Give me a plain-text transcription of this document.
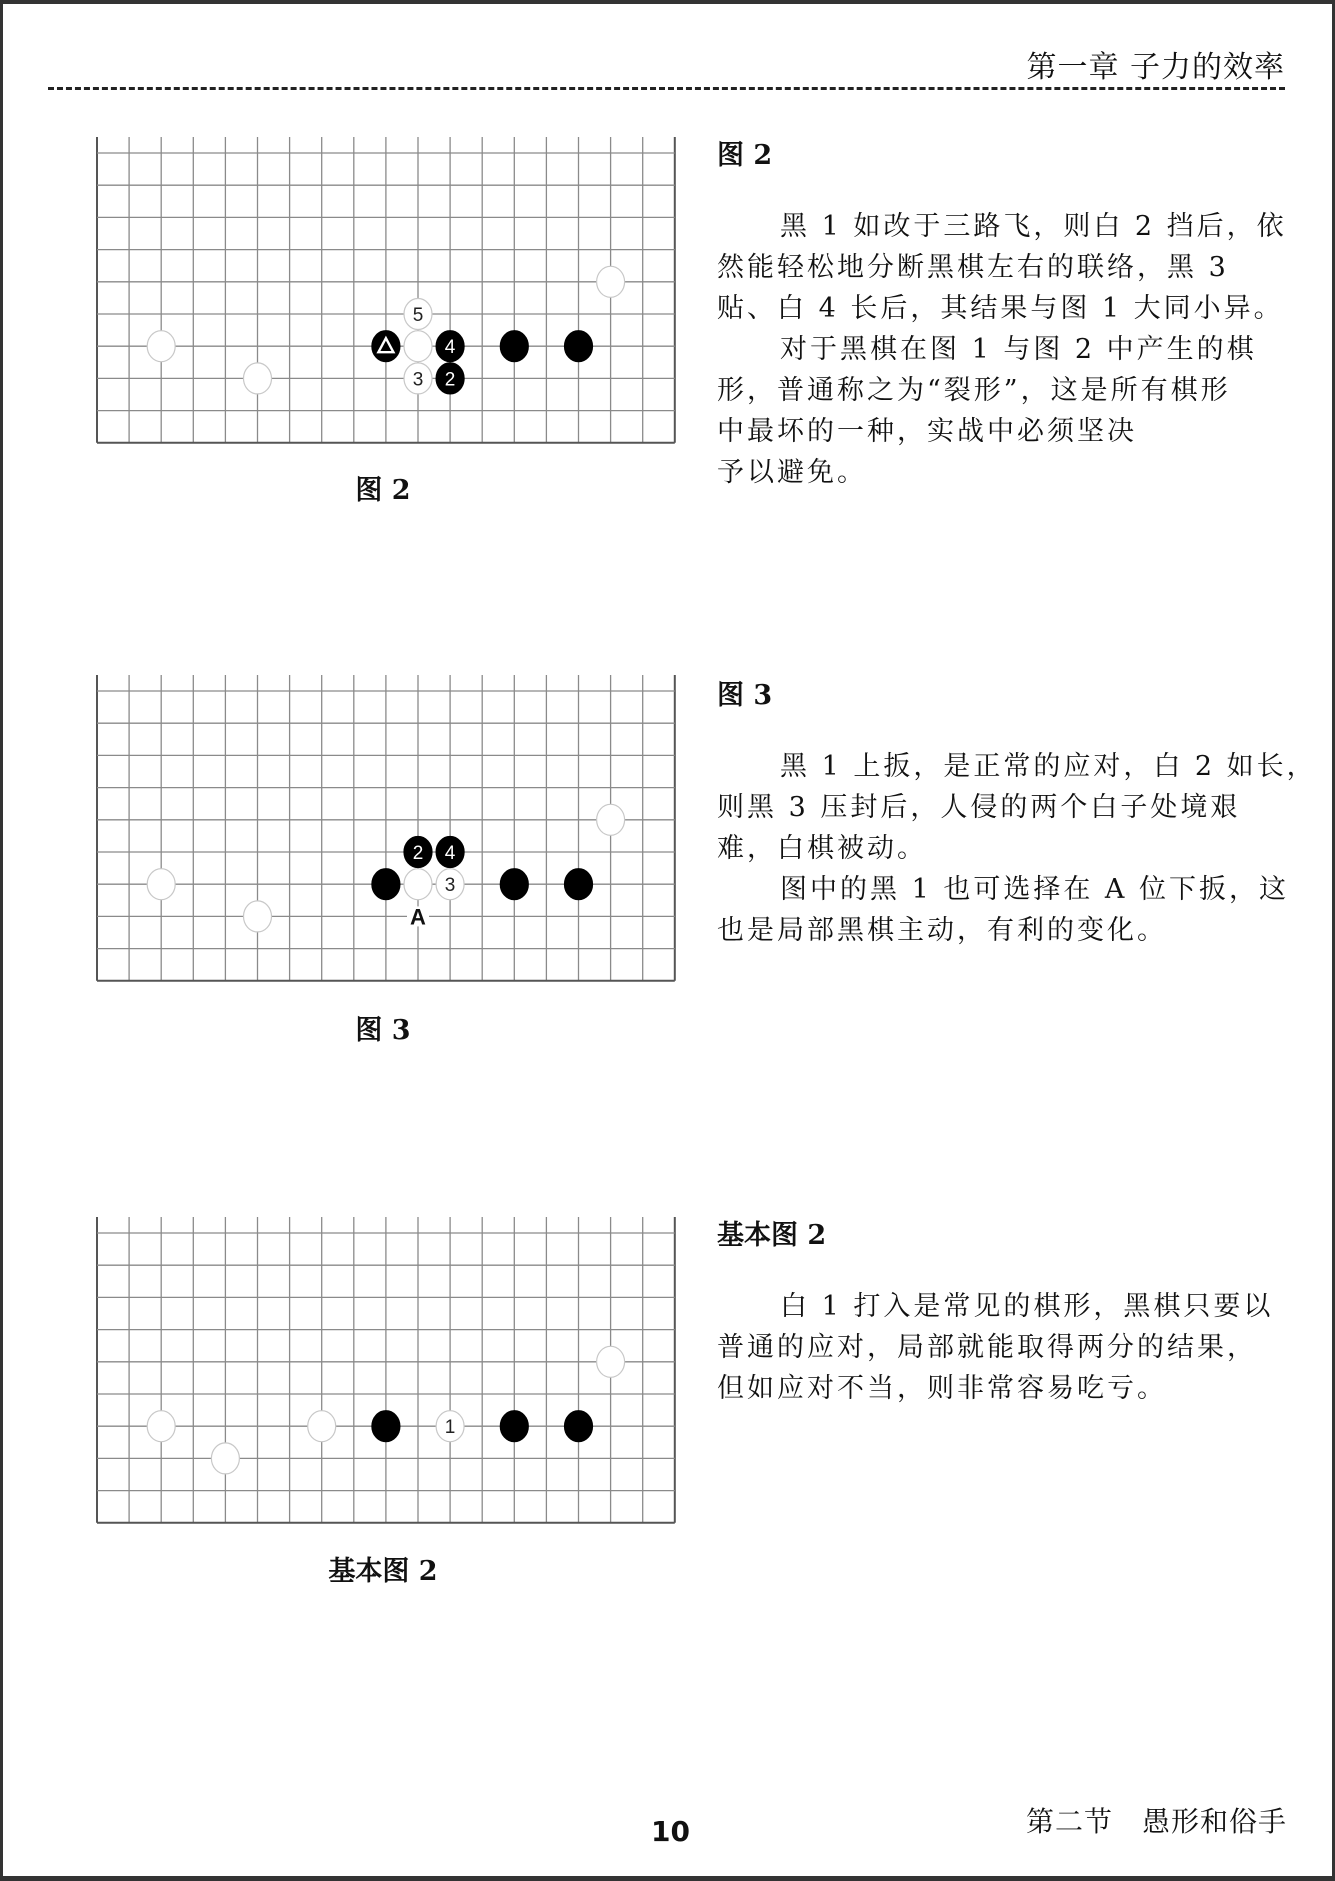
第一章 子力的效率
5
4
3 2
图 2
图 2
黑 1 如改于三路飞，则白 2 挡后，依
然能轻松地分断黑棋左右的联络，黑 3
贴、白 4 长后，其结果与图 1 大同小异。
对于黑棋在图 1 与图 2 中产生的棋
形，普通称之为“裂形”，这是所有棋形
中最坏的一种，实战中必须坚决
予以避免。
2 4
3
A
图 3
图 3
黑 1 上扳，是正常的应对，白 2 如长，
则黑 3 压封后，人侵的两个白子处境艰
难，白棋被动。
图中的黑 1 也可选择在 A 位下扳，这
也是局部黑棋主动，有利的变化。
1
基本图 2
基本图 2
白 1 打入是常见的棋形，黑棋只要以
普通的应对，局部就能取得两分的结果，
但如应对不当，则非常容易吃亏。
10	第二节　愚形和俗手
